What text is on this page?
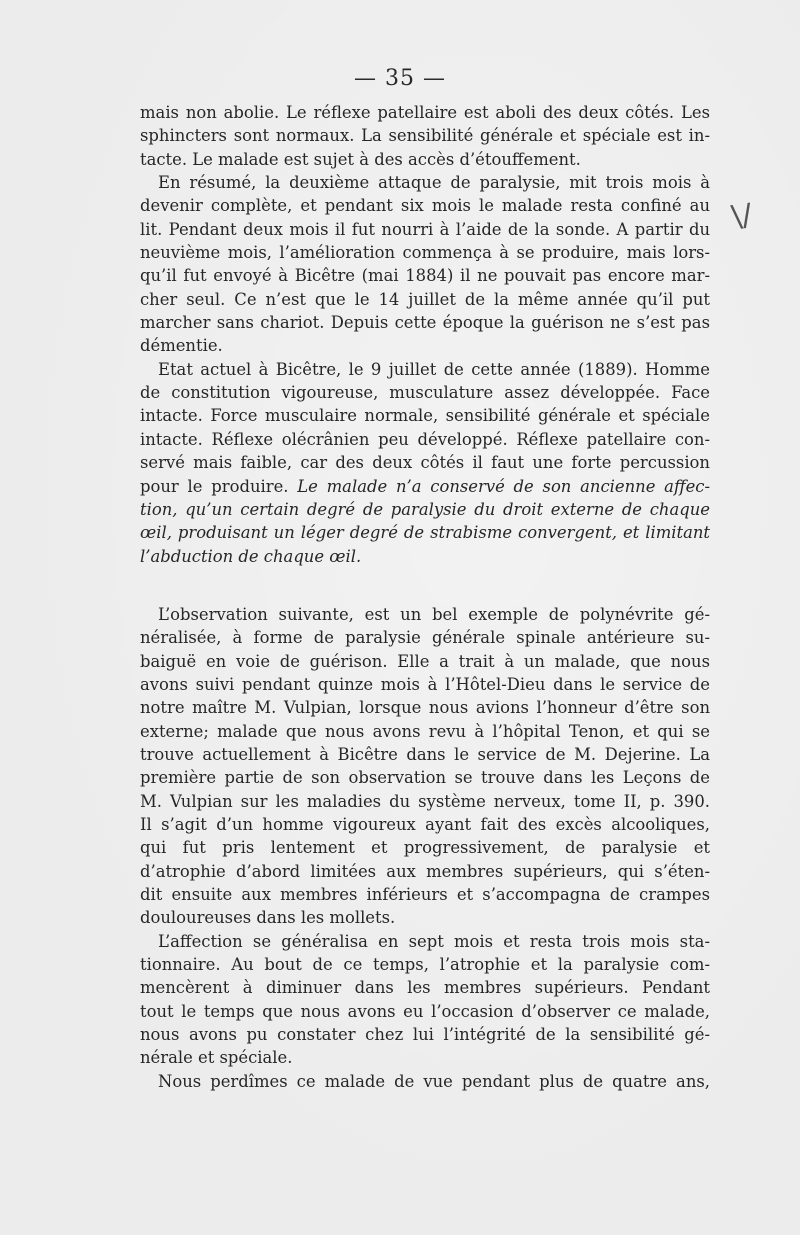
— 35 —
\/

mais non abolie. Le réflexe patellaire est aboli des deux côtés. Les
sphincters sont normaux. La sensibilité générale et spéciale est in-
tacte. Le malade est sujet à des accès d’étouffement.

En résumé, la deuxième attaque de paralysie, mit trois mois à
devenir complète, et pendant six mois le malade resta confiné au
lit. Pendant deux mois il fut nourri à l’aide de la sonde. A partir du
neuvième mois, l’amélioration commença à se produire, mais lors-
qu’il fut envoyé à Bicêtre (mai 1884) il ne pouvait pas encore mar-
cher seul. Ce n’est que le 14 juillet de la même année qu’il put
marcher sans chariot. Depuis cette époque la guérison ne s’est pas
démentie.

Etat actuel à Bicêtre, le 9 juillet de cette année (1889). Homme
de constitution vigoureuse, musculature assez développée. Face
intacte. Force musculaire normale, sensibilité générale et spéciale
intacte. Réflexe olécrânien peu développé. Réflexe patellaire con-
servé mais faible, car des deux côtés il faut une forte percussion
pour le produire. Le malade n’a conservé de son ancienne affec-
tion, qu’un certain degré de paralysie du droit externe de chaque
œil, produisant un léger degré de strabisme convergent, et limitant
l’abduction de chaque œil.

L’observation suivante, est un bel exemple de polynévrite gé-
néralisée, à forme de paralysie générale spinale antérieure su-
baiguë en voie de guérison. Elle a trait à un malade, que nous
avons suivi pendant quinze mois à l’Hôtel-Dieu dans le service de
notre maître M. Vulpian, lorsque nous avions l’honneur d’être son
externe; malade que nous avons revu à l’hôpital Tenon, et qui se
trouve actuellement à Bicêtre dans le service de M. Dejerine. La
première partie de son observation se trouve dans les Leçons de
M. Vulpian sur les maladies du système nerveux, tome II, p. 390.
Il s’agit d’un homme vigoureux ayant fait des excès alcooliques,
qui fut pris lentement et progressivement, de paralysie et
d’atrophie d’abord limitées aux membres supérieurs, qui s’éten-
dit ensuite aux membres inférieurs et s’accompagna de crampes
douloureuses dans les mollets.

L’affection se généralisa en sept mois et resta trois mois sta-
tionnaire. Au bout de ce temps, l’atrophie et la paralysie com-
mencèrent à diminuer dans les membres supérieurs. Pendant
tout le temps que nous avons eu l’occasion d’observer ce malade,
nous avons pu constater chez lui l’intégrité de la sensibilité gé-
nérale et spéciale.

Nous perdîmes ce malade de vue pendant plus de quatre ans,
